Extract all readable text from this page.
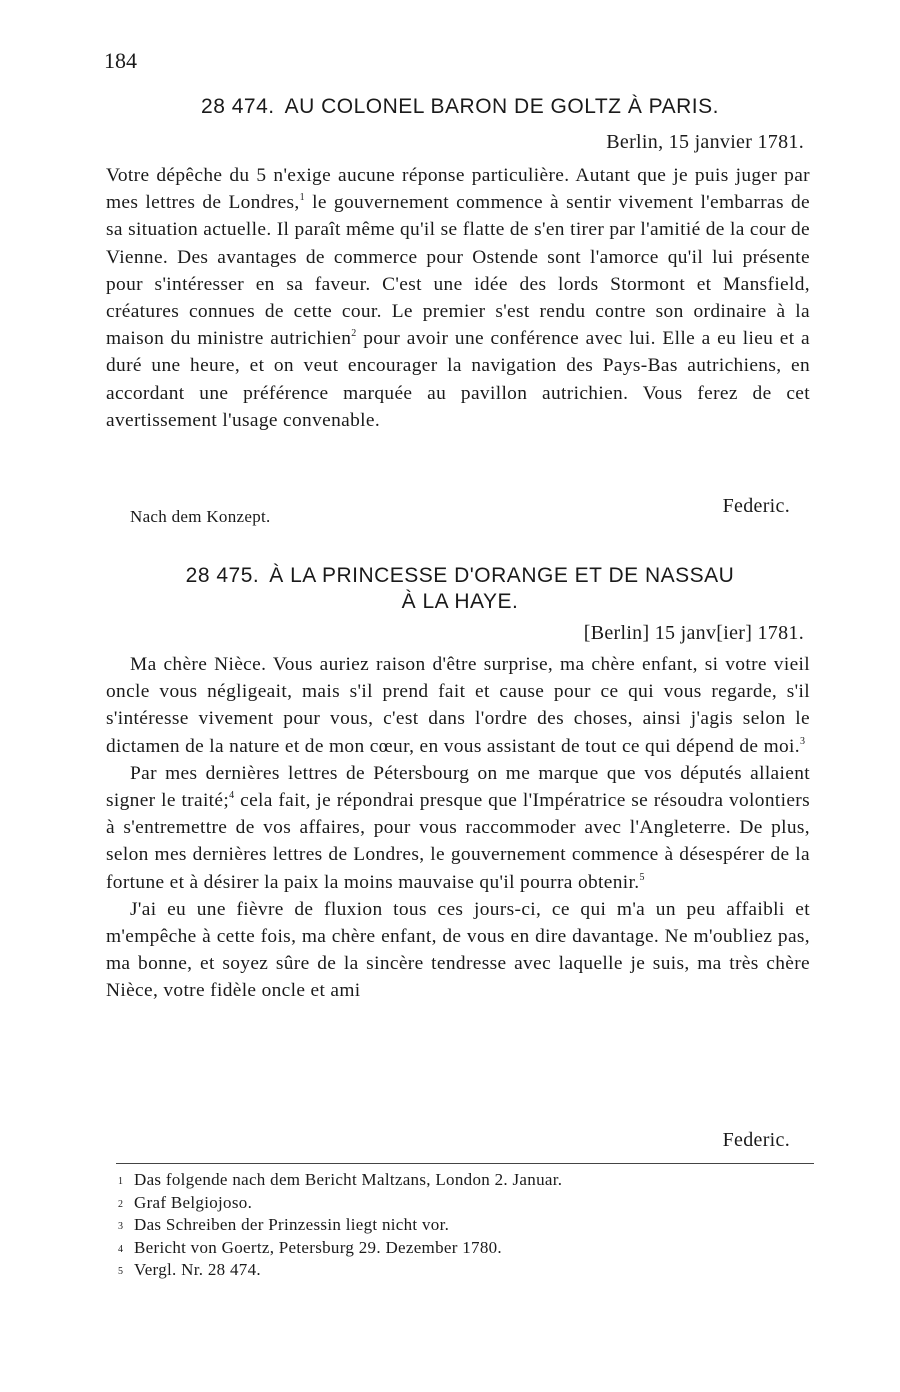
184
28 474. AU COLONEL BARON DE GOLTZ À PARIS.
Berlin, 15 janvier 1781.

Votre dépêche du 5 n'exige aucune réponse particulière. Autant que je puis juger par mes lettres de Londres,$^1$ le gouvernement commence à sentir vivement l'embarras de sa situation actuelle. Il paraît même qu'il se flatte de s'en tirer par l'amitié de la cour de Vienne. Des avantages de commerce pour Ostende sont l'amorce qu'il lui présente pour s'intéresser en sa faveur. C'est une idée des lords Stormont et Mansfield, créatures connues de cette cour. Le premier s'est rendu contre son ordinaire à la maison du ministre autrichien$^2$ pour avoir une conférence avec lui. Elle a eu lieu et a duré une heure, et on veut encourager la navigation des Pays-Bas autrichiens, en accordant une préférence marquée au pavillon autrichien. Vous ferez de cet avertissement l'usage convenable.

Federic.
Nach dem Konzept.
28 475. À LA PRINCESSE D'ORANGE ET DE NASSAU
À LA HAYE.
[Berlin] 15 janv[ier] 1781.

Ma chère Nièce. Vous auriez raison d'être surprise, ma chère enfant, si votre vieil oncle vous négligeait, mais s'il prend fait et cause pour ce qui vous regarde, s'il s'intéresse vivement pour vous, c'est dans l'ordre des choses, ainsi j'agis selon le dictamen de la nature et de mon cœur, en vous assistant de tout ce qui dépend de moi.$^3$

Par mes dernières lettres de Pétersbourg on me marque que vos députés allaient signer le traité;$^4$ cela fait, je répondrai presque que l'Impératrice se résoudra volontiers à s'entremettre de vos affaires, pour vous raccommoder avec l'Angleterre. De plus, selon mes dernières lettres de Londres, le gouvernement commence à désespérer de la fortune et à désirer la paix la moins mauvaise qu'il pourra obtenir.$^5$

J'ai eu une fièvre de fluxion tous ces jours-ci, ce qui m'a un peu affaibli et m'empêche à cette fois, ma chère enfant, de vous en dire davantage. Ne m'oubliez pas, ma bonne, et soyez sûre de la sincère tendresse avec laquelle je suis, ma très chère Nièce, votre fidèle oncle et ami

Federic.
1 Das folgende nach dem Bericht Maltzans, London 2. Januar.
2 Graf Belgiojoso.
3 Das Schreiben der Prinzessin liegt nicht vor.
4 Bericht von Goertz, Petersburg 29. Dezember 1780.
5 Vergl. Nr. 28 474.
